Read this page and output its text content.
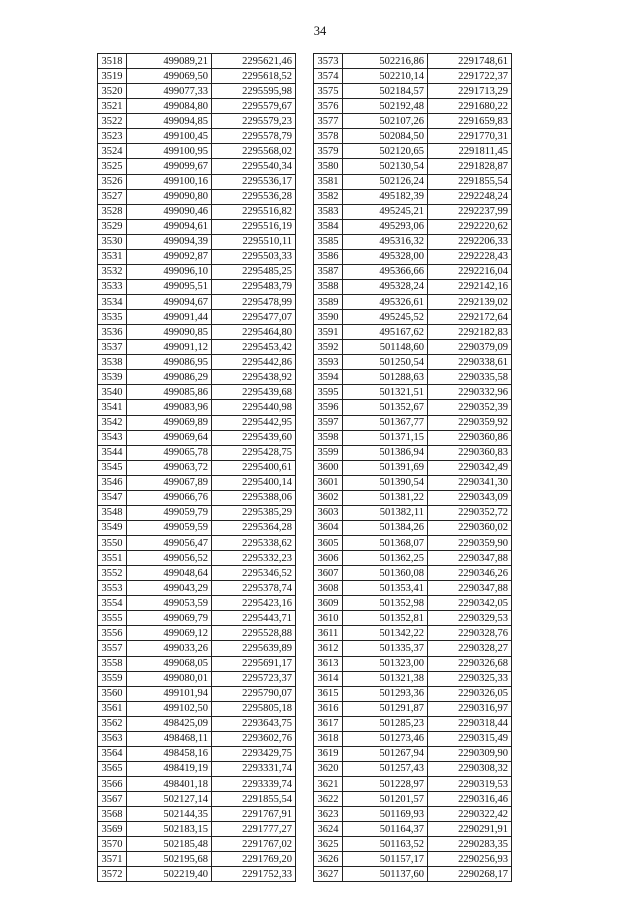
34
3518	499089,21	2295621,46
3519	499069,50	2295618,52
3520	499077,33	2295595,98
3521	499084,80	2295579,67
3522	499094,85	2295579,23
3523	499100,45	2295578,79
3524	499100,95	2295568,02
3525	499099,67	2295540,34
3526	499100,16	2295536,17
3527	499090,80	2295536,28
3528	499090,46	2295516,82
3529	499094,61	2295516,19
3530	499094,39	2295510,11
3531	499092,87	2295503,33
3532	499096,10	2295485,25
3533	499095,51	2295483,79
3534	499094,67	2295478,99
3535	499091,44	2295477,07
3536	499090,85	2295464,80
3537	499091,12	2295453,42
3538	499086,95	2295442,86
3539	499086,29	2295438,92
3540	499085,86	2295439,68
3541	499083,96	2295440,98
3542	499069,89	2295442,95
3543	499069,64	2295439,60
3544	499065,78	2295428,75
3545	499063,72	2295400,61
3546	499067,89	2295400,14
3547	499066,76	2295388,06
3548	499059,79	2295385,29
3549	499059,59	2295364,28
3550	499056,47	2295338,62
3551	499056,52	2295332,23
3552	499048,64	2295346,52
3553	499043,29	2295378,74
3554	499053,59	2295423,16
3555	499069,79	2295443,71
3556	499069,12	2295528,88
3557	499033,26	2295639,89
3558	499068,05	2295691,17
3559	499080,01	2295723,37
3560	499101,94	2295790,07
3561	499102,50	2295805,18
3562	498425,09	2293643,75
3563	498468,11	2293602,76
3564	498458,16	2293429,75
3565	498419,19	2293331,74
3566	498401,18	2293339,74
3567	502127,14	2291855,54
3568	502144,35	2291767,91
3569	502183,15	2291777,27
3570	502185,48	2291767,02
3571	502195,68	2291769,20
3572	502219,40	2291752,33
3573	502216,86	2291748,61
3574	502210,14	2291722,37
3575	502184,57	2291713,29
3576	502192,48	2291680,22
3577	502107,26	2291659,83
3578	502084,50	2291770,31
3579	502120,65	2291811,45
3580	502130,54	2291828,87
3581	502126,24	2291855,54
3582	495182,39	2292248,24
3583	495245,21	2292237,99
3584	495293,06	2292220,62
3585	495316,32	2292206,33
3586	495328,00	2292228,43
3587	495366,66	2292216,04
3588	495328,24	2292142,16
3589	495326,61	2292139,02
3590	495245,52	2292172,64
3591	495167,62	2292182,83
3592	501148,60	2290379,09
3593	501250,54	2290338,61
3594	501288,63	2290335,58
3595	501321,51	2290332,96
3596	501352,67	2290352,39
3597	501367,77	2290359,92
3598	501371,15	2290360,86
3599	501386,94	2290360,83
3600	501391,69	2290342,49
3601	501390,54	2290341,30
3602	501381,22	2290343,09
3603	501382,11	2290352,72
3604	501384,26	2290360,02
3605	501368,07	2290359,90
3606	501362,25	2290347,88
3607	501360,08	2290346,26
3608	501353,41	2290347,88
3609	501352,98	2290342,05
3610	501352,81	2290329,53
3611	501342,22	2290328,76
3612	501335,37	2290328,27
3613	501323,00	2290326,68
3614	501321,38	2290325,33
3615	501293,36	2290326,05
3616	501291,87	2290316,97
3617	501285,23	2290318,44
3618	501273,46	2290315,49
3619	501267,94	2290309,90
3620	501257,43	2290308,32
3621	501228,97	2290319,53
3622	501201,57	2290316,46
3623	501169,93	2290322,42
3624	501164,37	2290291,91
3625	501163,52	2290283,35
3626	501157,17	2290256,93
3627	501137,60	2290268,17
